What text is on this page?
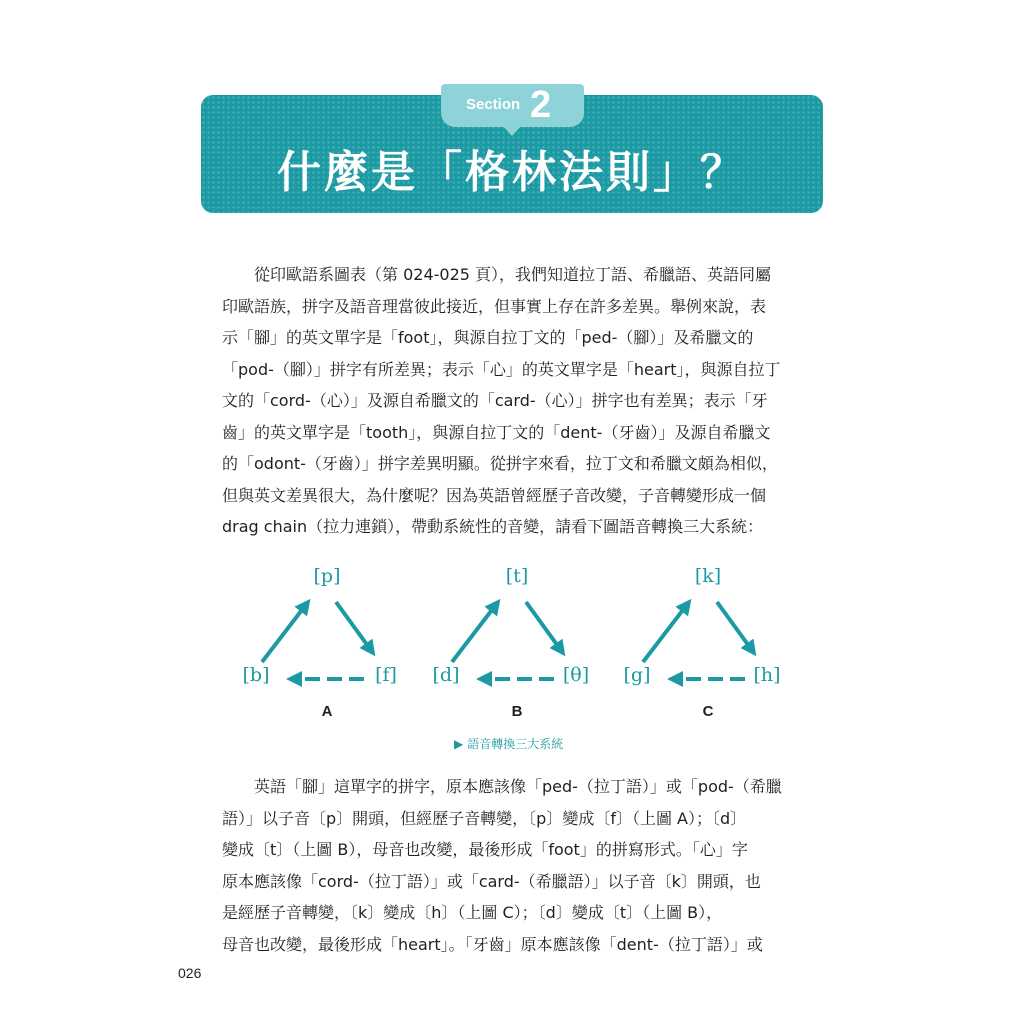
Section 2
什麼是「格林法則」？

　　從印歐語系圖表（第 024-025 頁），我們知道拉丁語、希臘語、英語同屬
印歐語族，拼字及語音理當彼此接近，但事實上存在許多差異。舉例來說，表
示「腳」的英文單字是「foot」，與源自拉丁文的「ped-（腳）」及希臘文的
「pod-（腳）」拼字有所差異；表示「心」的英文單字是「heart」，與源自拉丁
文的「cord-（心）」及源自希臘文的「card-（心）」拼字也有差異；表示「牙
齒」的英文單字是「tooth」，與源自拉丁文的「dent-（牙齒）」及源自希臘文
的「odont-（牙齒）」拼字差異明顯。從拼字來看，拉丁文和希臘文頗為相似，
但與英文差異很大，為什麼呢？因為英語曾經歷子音改變，子音轉變形成一個
drag chain（拉力連鎖），帶動系統性的音變，請看下圖語音轉換三大系統：

[p]
[b]	[f]
A
[t]
[d]	[θ]
B
[k]
[g]	[h]
C

▶ 語音轉換三大系統

　　英語「腳」這單字的拼字，原本應該像「ped-（拉丁語）」或「pod-（希臘
語）」以子音〔p〕開頭，但經歷子音轉變，〔p〕變成〔f〕（上圖 A）；〔d〕
變成〔t〕（上圖 B），母音也改變，最後形成「foot」的拼寫形式。「心」字
原本應該像「cord-（拉丁語）」或「card-（希臘語）」以子音〔k〕開頭，也
是經歷子音轉變，〔k〕變成〔h〕（上圖 C）；〔d〕變成〔t〕（上圖 B），
母音也改變，最後形成「heart」。「牙齒」原本應該像「dent-（拉丁語）」或

026
